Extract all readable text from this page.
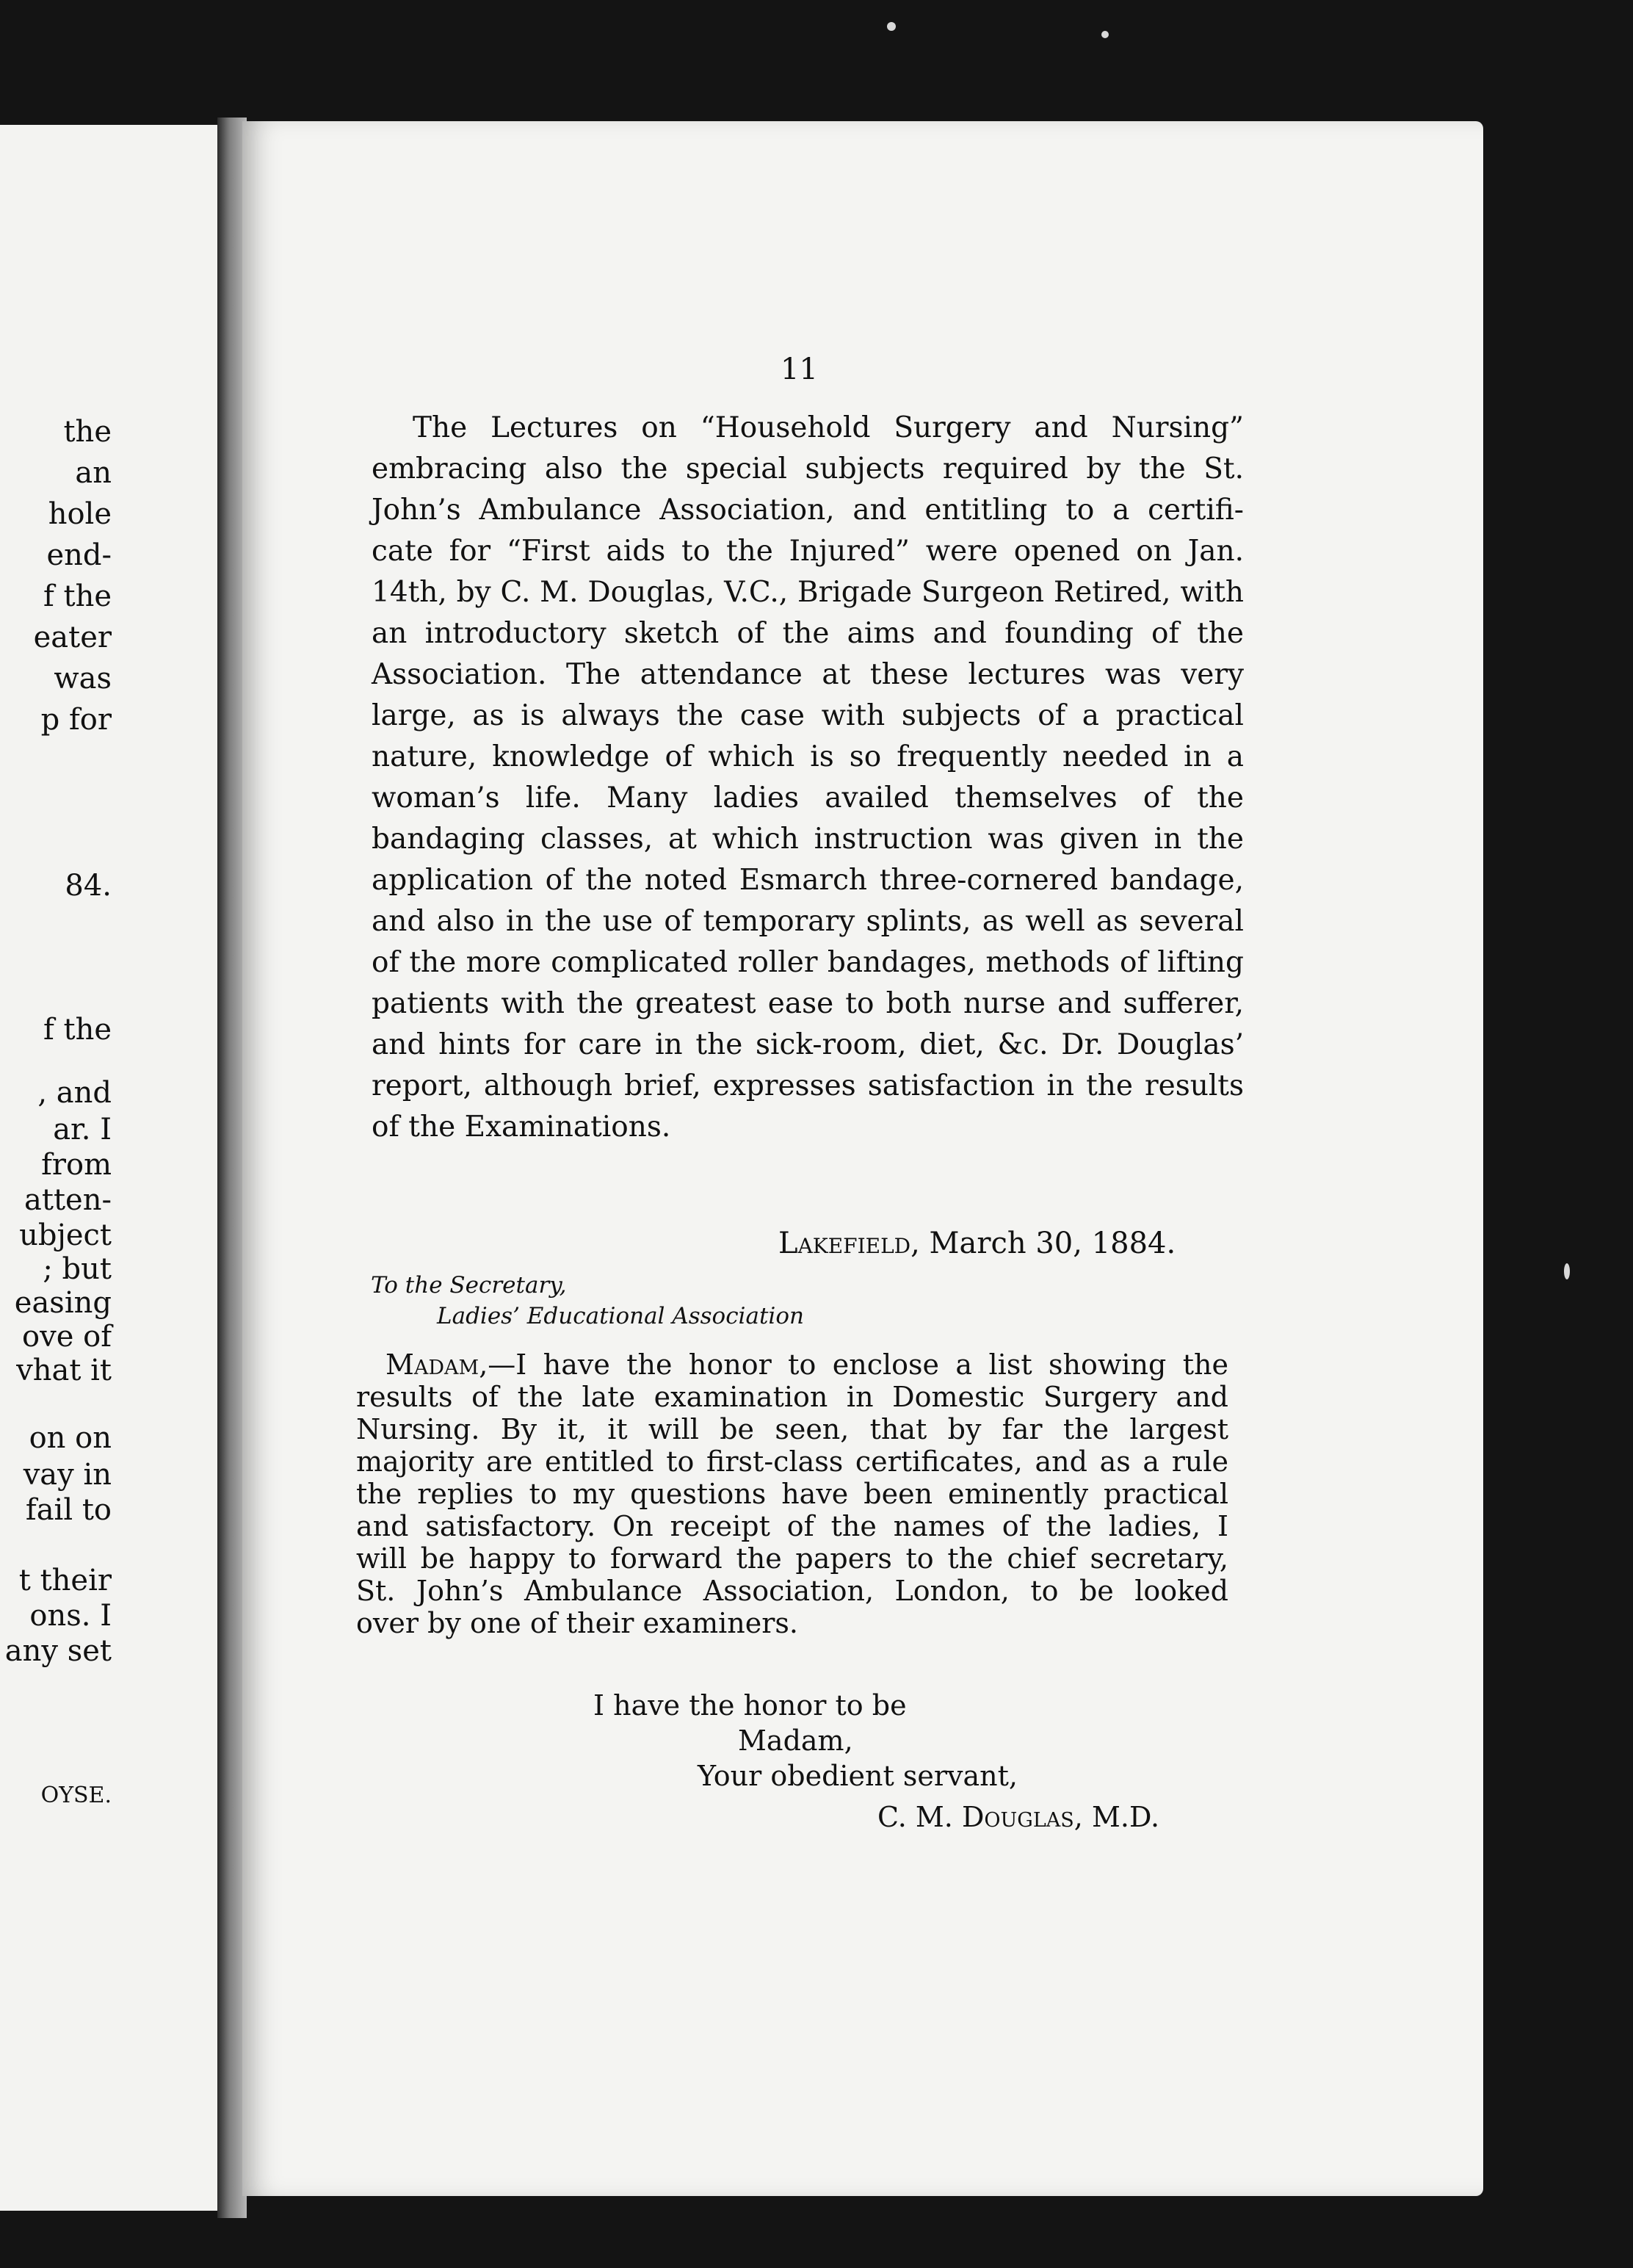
the
an
hole
end-
f the
eater
was
p for
84.
f the
, and
ar. I
from
atten-
ubject
; but
easing
ove of
vhat it
on on
vay in
fail to
t their
ons. I
any set
OYSE.
11
The Lectures on “Household Surgery and Nursing”
embracing also the special subjects required by the St.
John’s Ambulance Association, and entitling to a certifi-
cate for “First aids to the Injured” were opened on Jan.
14th, by C. M. Douglas, V.C., Brigade Surgeon Retired, with
an introductory sketch of the aims and founding of the
Association. The attendance at these lectures was very
large, as is always the case with subjects of a practical
nature, knowledge of which is so frequently needed in a
woman’s life. Many ladies availed themselves of the
bandaging classes, at which instruction was given in the
application of the noted Esmarch three-cornered bandage,
and also in the use of temporary splints, as well as several
of the more complicated roller bandages, methods of lifting
patients with the greatest ease to both nurse and sufferer,
and hints for care in the sick-room, diet, &c. Dr. Douglas’
report, although brief, expresses satisfaction in the results
of the Examinations.
Lakefield, March 30, 1884.
To the Secretary,
Ladies’ Educational Association
Madam,—I have the honor to enclose a list showing the
results of the late examination in Domestic Surgery and
Nursing. By it, it will be seen, that by far the largest
majority are entitled to first-class certificates, and as a rule
the replies to my questions have been eminently practical
and satisfactory. On receipt of the names of the ladies, I
will be happy to forward the papers to the chief secretary,
St. John’s Ambulance Association, London, to be looked
over by one of their examiners.
I have the honor to be
Madam,
Your obedient servant,
C. M. Douglas, M.D.
